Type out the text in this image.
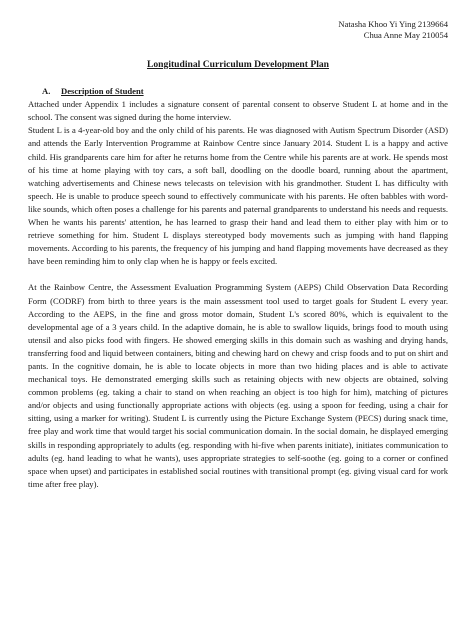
Natasha Khoo Yi Ying 2139664
Chua Anne May 210054
Longitudinal Curriculum Development Plan
A.	Description of Student

Attached under Appendix 1 includes a signature consent of parental consent to observe Student L at home and in the school. The consent was signed during the home interview.

Student L is a 4-year-old boy and the only child of his parents. He was diagnosed with Autism Spectrum Disorder (ASD) and attends the Early Intervention Programme at Rainbow Centre since January 2014. Student L is a happy and active child. His grandparents care him for after he returns home from the Centre while his parents are at work. He spends most of his time at home playing with toy cars, a soft ball, doodling on the doodle board, running about the apartment, watching advertisements and Chinese news telecasts on television with his grandmother. Student L has difficulty with speech. He is unable to produce speech sound to effectively communicate with his parents. He often babbles with word-like sounds, which often poses a challenge for his parents and paternal grandparents to understand his needs and requests. When he wants his parents' attention, he has learned to grasp their hand and lead them to either play with him or to retrieve something for him. Student L displays stereotyped body movements such as jumping with hand flapping movements. According to his parents, the frequency of his jumping and hand flapping movements have decreased as they have been reminding him to only clap when he is happy or feels excited.

At the Rainbow Centre, the Assessment Evaluation Programming System (AEPS) Child Observation Data Recording Form (CODRF) from birth to three years is the main assessment tool used to target goals for Student L every year. According to the AEPS, in the fine and gross motor domain, Student L's scored 80%, which is equivalent to the developmental age of a 3 years child. In the adaptive domain, he is able to swallow liquids, brings food to mouth using utensil and also picks food with fingers. He showed emerging skills in this domain such as washing and drying hands, transferring food and liquid between containers, biting and chewing hard on chewy and crisp foods and to put on shirt and pants. In the cognitive domain, he is able to locate objects in more than two hiding places and is able to activate mechanical toys. He demonstrated emerging skills such as retaining objects with new objects are obtained, solving common problems (eg. taking a chair to stand on when reaching an object is too high for him), matching of pictures and/or objects and using functionally appropriate actions with objects (eg. using a spoon for feeding, using a chair for sitting, using a marker for writing). Student L is currently using the Picture Exchange System (PECS) during snack time, free play and work time that would target his social communication domain. In the social domain, he displayed emerging skills in responding appropriately to adults (eg. responding with hi-five when parents initiate), initiates communication to adults (eg. hand leading to what he wants), uses appropriate strategies to self-soothe (eg. going to a corner or confined space when upset) and participates in established social routines with transitional prompt (eg. giving visual card for work time after free play).
